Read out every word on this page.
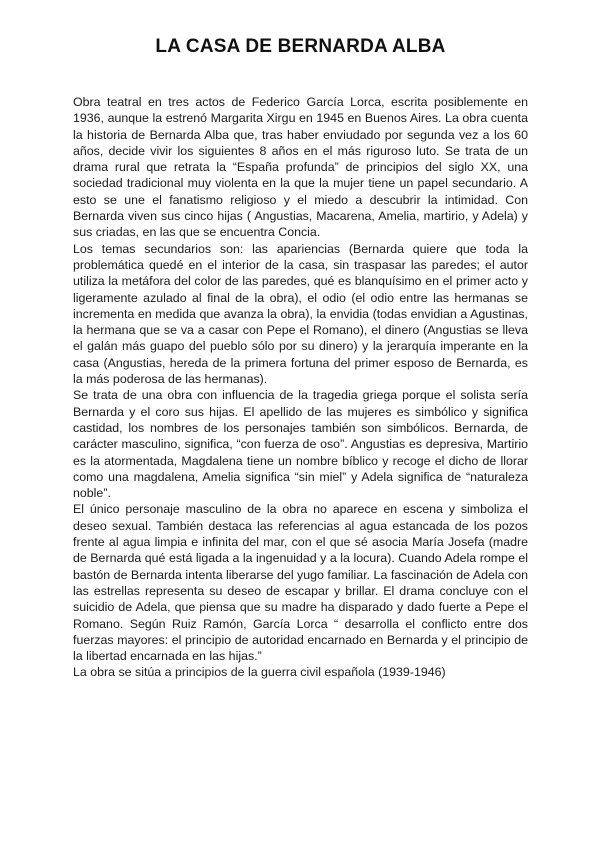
LA CASA DE BERNARDA ALBA

Obra teatral en tres actos de Federico García Lorca, escrita posiblemente en 1936, aunque la estrenó Margarita Xirgu en 1945 en Buenos Aires. La obra cuenta la historia de Bernarda Alba que, tras haber enviudado por segunda vez a los 60 años, decide vivir los siguientes 8 años en el más riguroso luto. Se trata de un drama rural que retrata la “España profunda” de principios del siglo XX, una sociedad tradicional muy violenta en la que la mujer tiene un papel secundario. A esto se une el fanatismo religioso y el miedo a descubrir la intimidad. Con Bernarda viven sus cinco hijas ( Angustias, Macarena, Amelia, martirio, y Adela) y sus criadas, en las que se encuentra Concia.

Los temas secundarios son: las apariencias (Bernarda quiere que toda la problemática quedé en el interior de la casa, sin traspasar las paredes; el autor utiliza la metáfora del color de las paredes, qué es blanquísimo en el primer acto y ligeramente azulado al final de la obra), el odio (el odio entre las hermanas se incrementa en medida que avanza la obra), la envidia (todas envidian a Agustinas, la hermana que se va a casar con Pepe el Romano), el dinero (Angustias se lleva el galán más guapo del pueblo sólo por su dinero) y la jerarquía imperante en la casa (Angustias, hereda de la primera fortuna del primer esposo de Bernarda, es la más poderosa de las hermanas).

Se trata de una obra con influencia de la tragedia griega porque el solista sería Bernarda y el coro sus hijas. El apellido de las mujeres es simbólico y significa castidad, los nombres de los personajes también son simbólicos. Bernarda, de carácter masculino, significa, “con fuerza de oso”. Angustias es depresiva, Martirio es la atormentada, Magdalena tiene un nombre bíblico y recoge el dicho de llorar como una magdalena, Amelia significa “sin miel” y Adela significa de “naturaleza noble”.

El único personaje masculino de la obra no aparece en escena y simboliza el deseo sexual. También destaca las referencias al agua estancada de los pozos frente al agua limpia e infinita del mar, con el que sé asocia María Josefa (madre de Bernarda qué está ligada a la ingenuidad y a la locura). Cuando Adela rompe el bastón de Bernarda intenta liberarse del yugo familiar. La fascinación de Adela con las estrellas representa su deseo de escapar y brillar. El drama concluye con el suicidio de Adela, que piensa que su madre ha disparado y dado fuerte a Pepe el Romano. Según Ruiz Ramón, García Lorca “ desarrolla el conflicto entre dos fuerzas mayores: el principio de autoridad encarnado en Bernarda y el principio de la libertad encarnada en las hijas.”

La obra se sitúa a principios de la guerra civil española (1939-1946)
